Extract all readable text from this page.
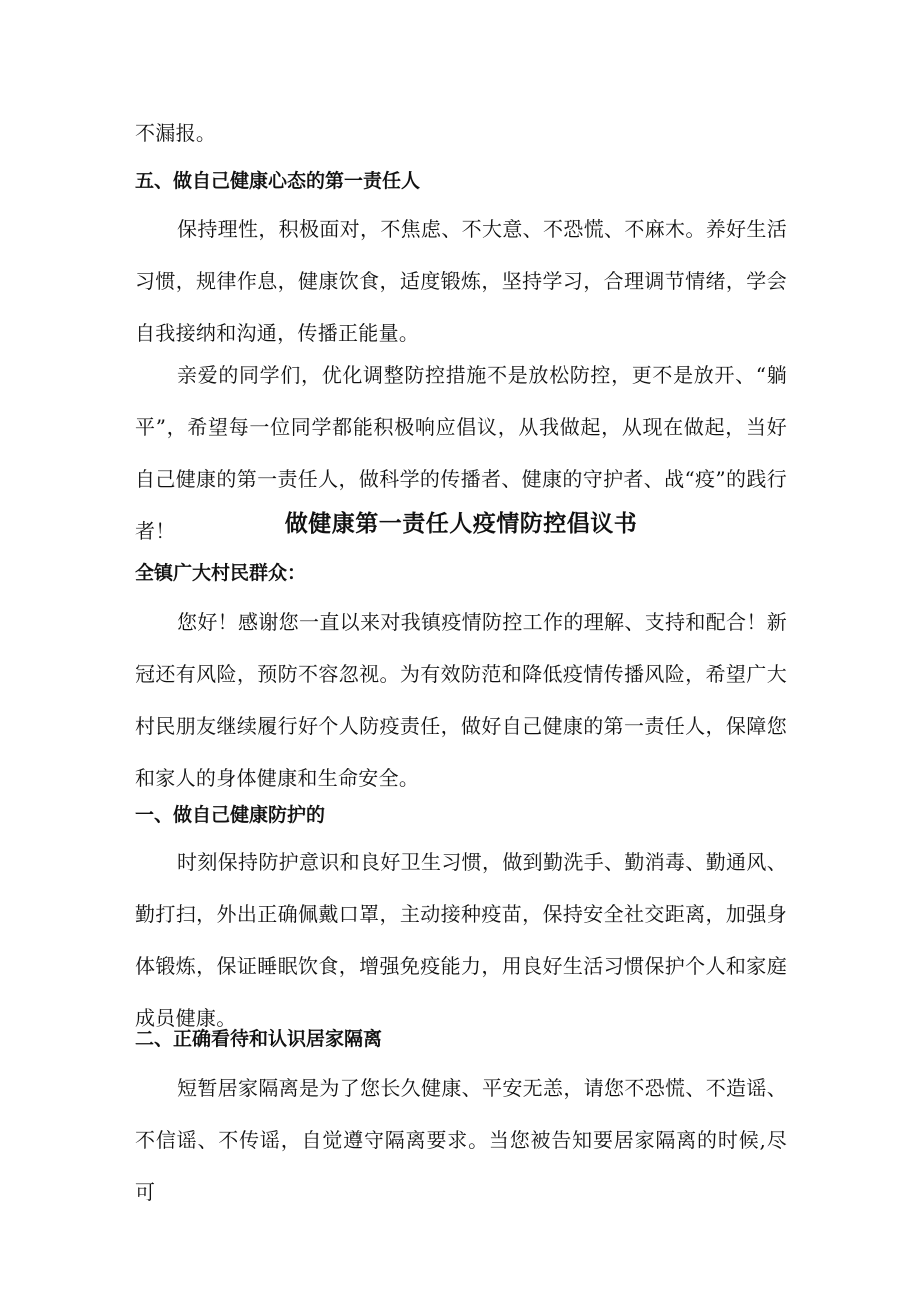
不漏报。

五、做自己健康心态的第一责任人

保持理性，积极面对，不焦虑、不大意、不恐慌、不麻木。养好生活习惯，规律作息，健康饮食，适度锻炼，坚持学习，合理调节情绪，学会自我接纳和沟通，传播正能量。

亲爱的同学们，优化调整防控措施不是放松防控，更不是放开、“躺平”，希望每一位同学都能积极响应倡议，从我做起，从现在做起，当好自己健康的第一责任人，做科学的传播者、健康的守护者、战“疫”的践行者！	做健康第一责任人疫情防控倡议书

全镇广大村民群众：

您好！感谢您一直以来对我镇疫情防控工作的理解、支持和配合！新冠还有风险，预防不容忽视。为有效防范和降低疫情传播风险，希望广大村民朋友继续履行好个人防疫责任，做好自己健康的第一责任人，保障您和家人的身体健康和生命安全。

一、做自己健康防护的

时刻保持防护意识和良好卫生习惯，做到勤洗手、勤消毒、勤通风、勤打扫，外出正确佩戴口罩，主动接种疫苗，保持安全社交距离，加强身体锻炼，保证睡眠饮食，增强免疫能力，用良好生活习惯保护个人和家庭成员健康。

二、正确看待和认识居家隔离

短暂居家隔离是为了您长久健康、平安无恙，请您不恐慌、不造谣、不信谣、不传谣，自觉遵守隔离要求。当您被告知要居家隔离的时候,尽可
